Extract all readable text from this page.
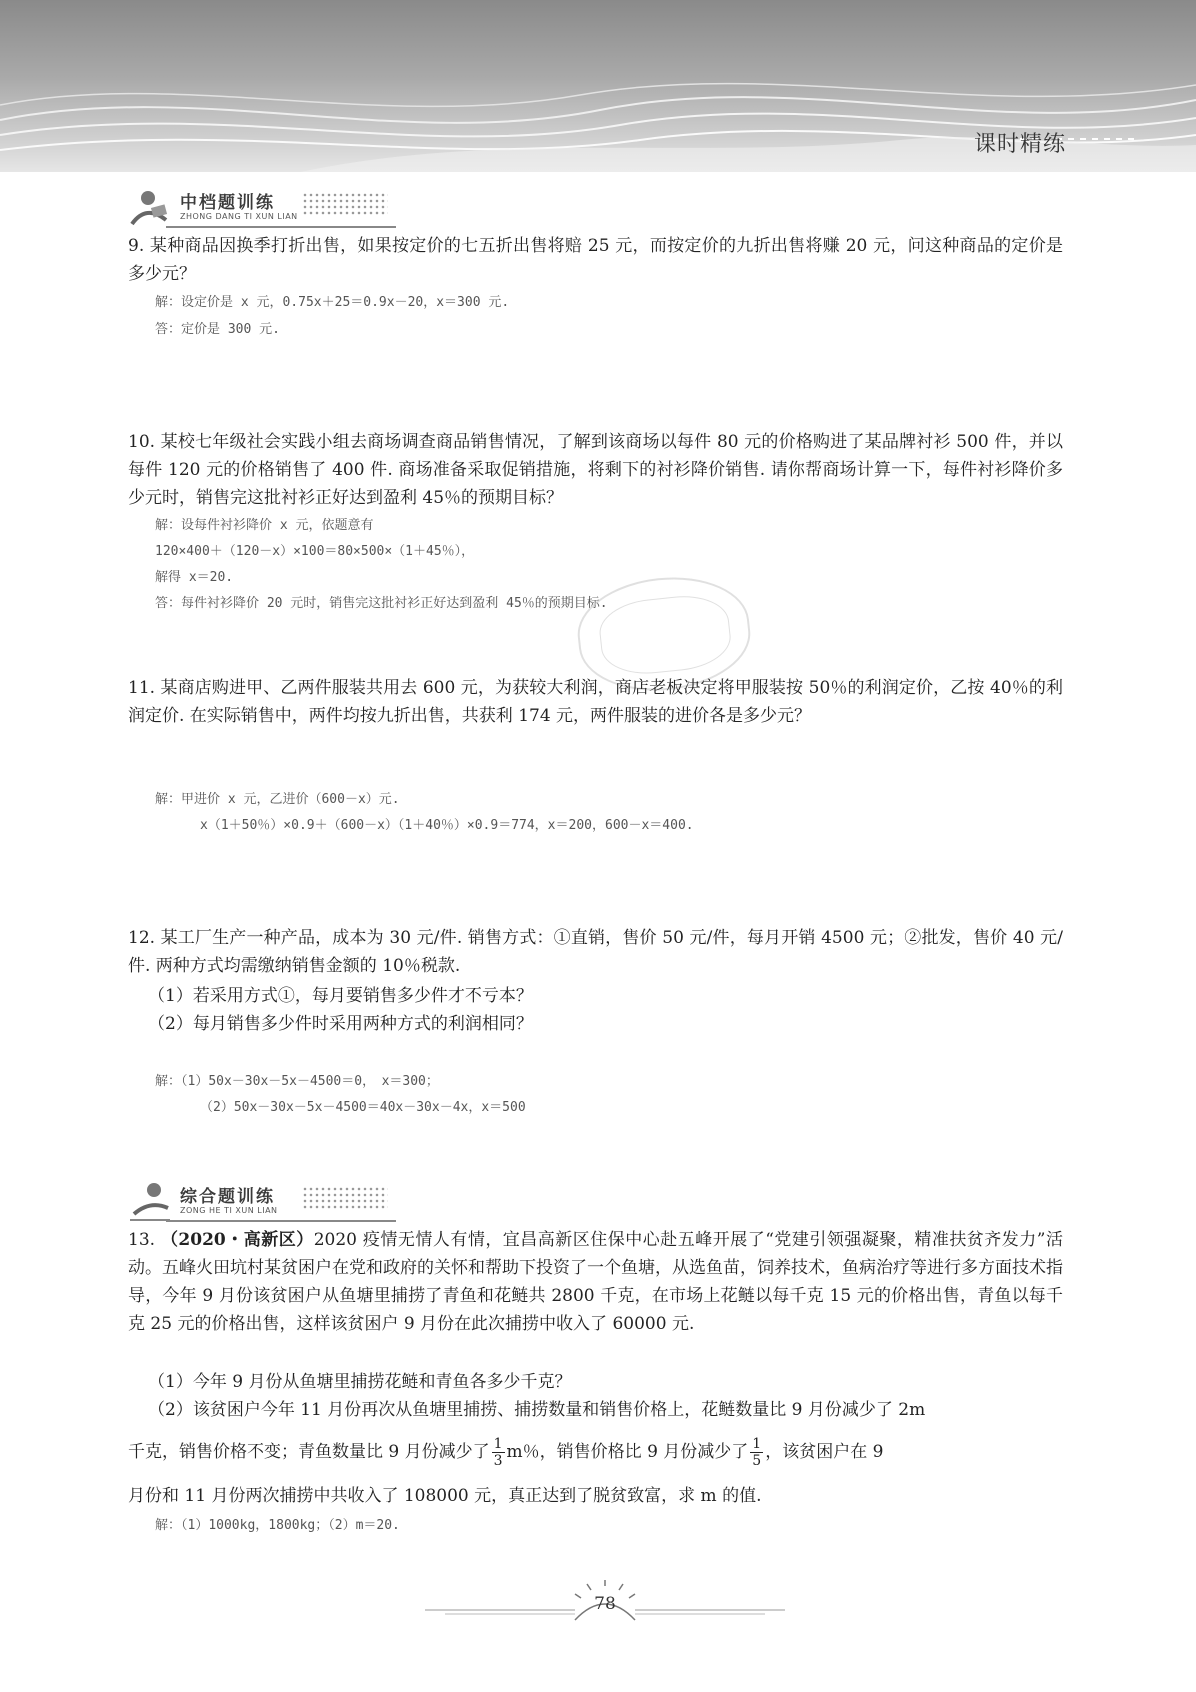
课时精练
中档题训练
ZHONG DANG TI XUN LIAN
9. 某种商品因换季打折出售，如果按定价的七五折出售将赔 25 元，而按定价的九折出售将赚 20 元，问这种商品的定价是多少元？
解：设定价是 x 元，0.75x＋25＝0.9x－20，x＝300 元.
答：定价是 300 元.
10. 某校七年级社会实践小组去商场调查商品销售情况，了解到该商场以每件 80 元的价格购进了某品牌衬衫 500 件，并以每件 120 元的价格销售了 400 件. 商场准备采取促销措施，将剩下的衬衫降价销售. 请你帮商场计算一下，每件衬衫降价多少元时，销售完这批衬衫正好达到盈利 45％的预期目标？
解：设每件衬衫降价 x 元，依题意有
120×400＋（120－x）×100＝80×500×（1＋45％），
解得 x＝20.
答：每件衬衫降价 20 元时，销售完这批衬衫正好达到盈利 45％的预期目标.
11. 某商店购进甲、乙两件服装共用去 600 元，为获较大利润，商店老板决定将甲服装按 50％的利润定价，乙按 40％的利润定价. 在实际销售中，两件均按九折出售，共获利 174 元，两件服装的进价各是多少元？
解：甲进价 x 元，乙进价（600－x）元.
x（1＋50％）×0.9＋（600－x）（1＋40％）×0.9＝774，x＝200，600－x＝400.
12. 某工厂生产一种产品，成本为 30 元/件. 销售方式：①直销，售价 50 元/件，每月开销 4500 元；②批发，售价 40 元/件. 两种方式均需缴纳销售金额的 10％税款.
（1）若采用方式①，每月要销售多少件才不亏本？
（2）每月销售多少件时采用两种方式的利润相同？
解：（1）50x－30x－5x－4500＝0，　x＝300；
（2）50x－30x－5x－4500＝40x－30x－4x，x＝500
综合题训练
ZONG HE TI XUN LIAN
13. （2020・高新区）2020 疫情无情人有情，宜昌高新区住保中心赴五峰开展了“党建引领强凝聚，精准扶贫齐发力”活动。五峰火田坑村某贫困户在党和政府的关怀和帮助下投资了一个鱼塘，从选鱼苗，饲养技术，鱼病治疗等进行多方面技术指导，今年 9 月份该贫困户从鱼塘里捕捞了青鱼和花鲢共 2800 千克，在市场上花鲢以每千克 15 元的价格出售，青鱼以每千克 25 元的价格出售，这样该贫困户 9 月份在此次捕捞中收入了 60000 元.
（1）今年 9 月份从鱼塘里捕捞花鲢和青鱼各多少千克？
（2）该贫困户今年 11 月份再次从鱼塘里捕捞、捕捞数量和销售价格上，花鲢数量比 9 月份减少了 2m
千克，销售价格不变；青鱼数量比 9 月份减少了 $\frac{1}{3}$ m％，销售价格比 9 月份减少了 $\frac{1}{5}$ ，该贫困户在 9
月份和 11 月份两次捕捞中共收入了 108000 元，真正达到了脱贫致富，求 m 的值.
解：（1）1000kg，1800kg；（2）m＝20.
78
